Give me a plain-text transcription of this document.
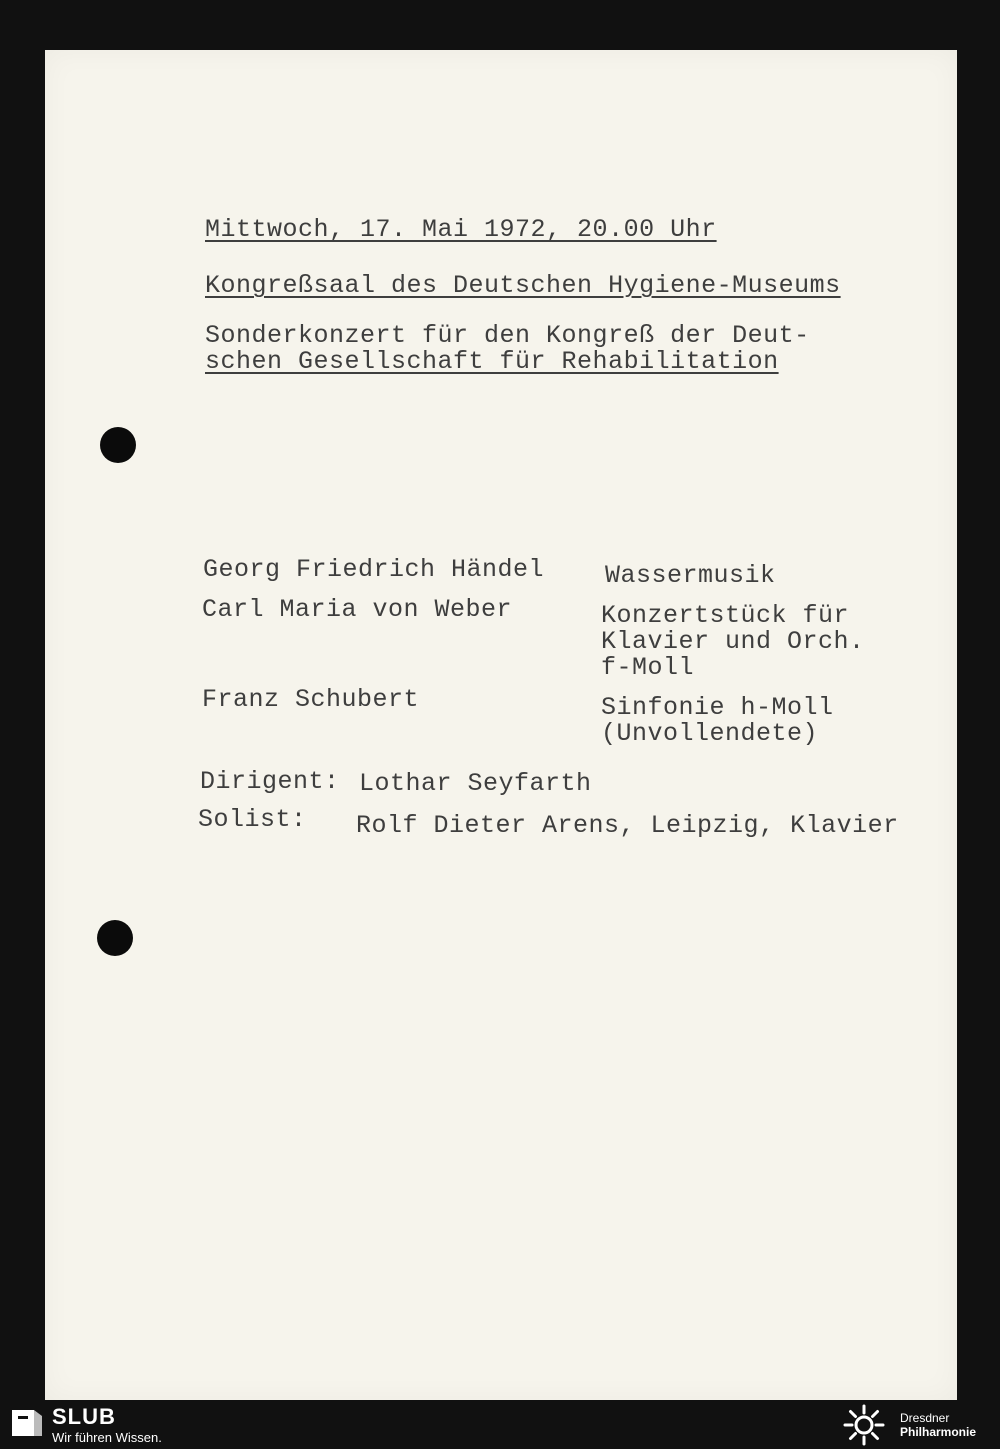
Mittwoch, 17. Mai 1972, 20.00 Uhr
Kongreßsaal des Deutschen Hygiene-Museums
Sonderkonzert für den Kongreß der Deut-
schen Gesellschaft für Rehabilitation
Georg Friedrich Händel Wassermusik
Carl Maria von Weber	Konzertstück für
Klavier und Orch.
f-Moll
Franz Schubert	Sinfonie h-Moll
(Unvollendete)
Dirigent: Lothar Seyfarth
Solist: Rolf Dieter Arens, Leipzig, Klavier
SLUB
Wir führen Wissen.
Dresdner
Philharmonie
